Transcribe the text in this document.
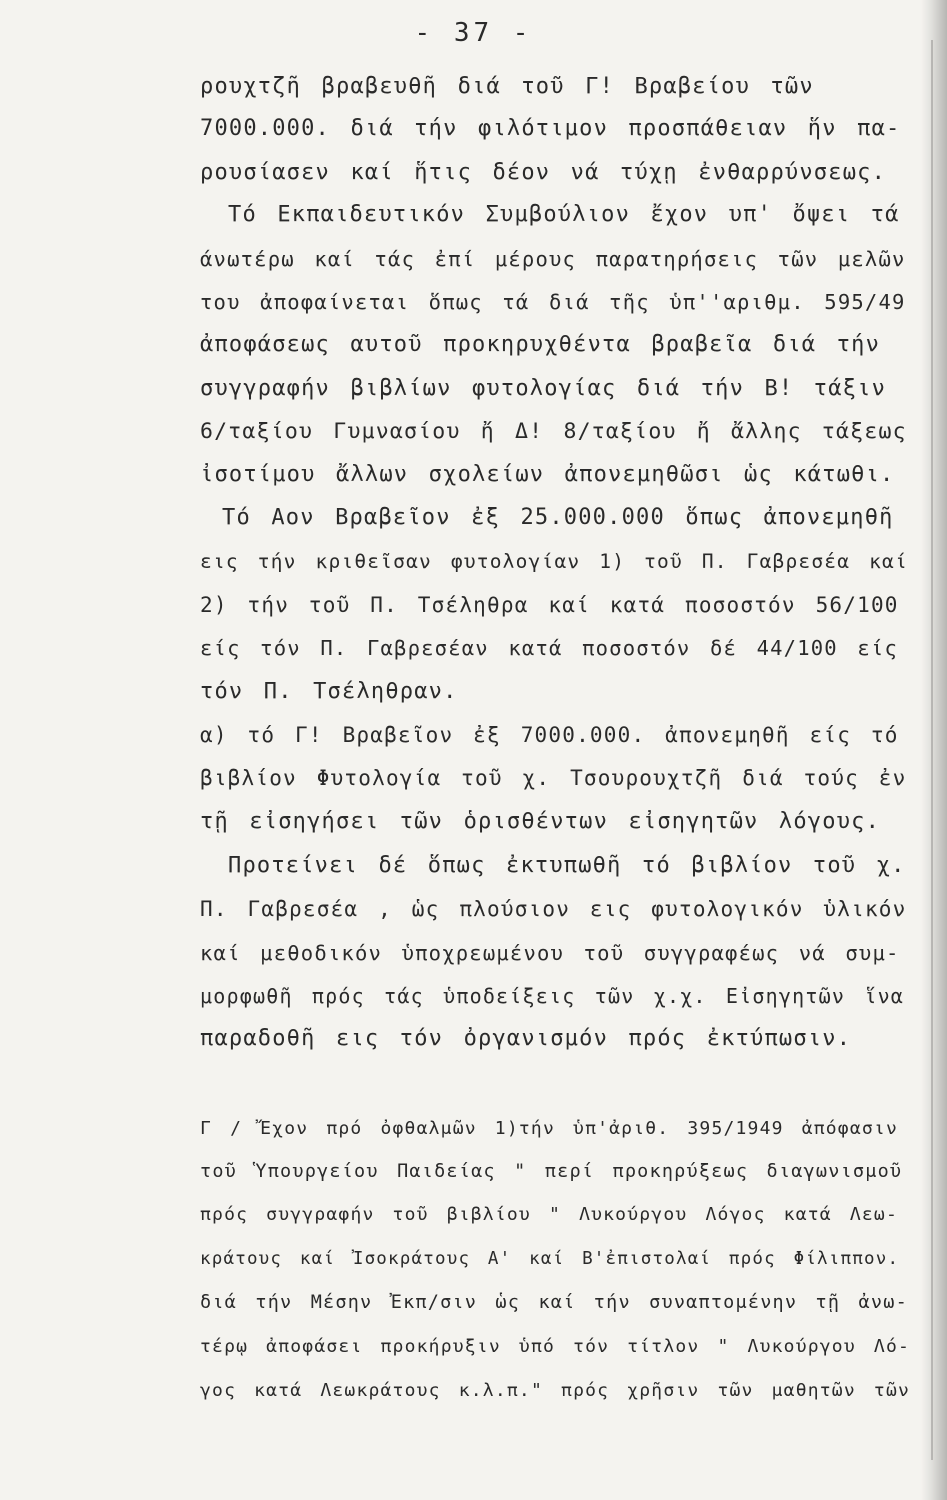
- 37 -
ρουχτζῆ βραβευθῆ διά τοῦ Γ! Βραβείου τῶν
7000.000. διά τήν φιλότιμον προσπάθειαν ἥν πα-
ρουσίασεν καί ἥτις δέον νά τύχῃ ἐνθαρρύνσεως.
Τό Εκπαιδευτικόν Συμβούλιον ἔχον υπ' ὄψει τά
άνωτέρω καί τάς ἐπί μέρους παρατηρήσεις τῶν μελῶν
του ἀποφαίνεται ὅπως τά διά τῆς ὑπ''αριθμ. 595/49
ἀποφάσεως αυτοῦ προκηρυχθέντα βραβεῖα διά τήν
συγγραφήν βιβλίων φυτολογίας διά τήν Β! τάξιν
6/ταξίου Γυμνασίου ἤ Δ! 8/ταξίου ἤ ἄλλης τάξεως
ἰσοτίμου ἄλλων σχολείων ἀπονεμηθῶσι ὡς κάτωθι.
Τό Αον Βραβεῖον ἐξ 25.000.000 ὅπως ἀπονεμηθῆ
εις τήν κριθεῖσαν φυτολογίαν 1) τοῦ Π. Γαβρεσέα καί
2) τήν τοῦ Π. Τσέληθρα καί κατά ποσοστόν 56/100
είς τόν Π. Γαβρεσέαν κατά ποσοστόν δέ 44/100 είς
τόν Π. Τσέληθραν.
α) τό Γ! Βραβεῖον ἐξ 7000.000. ἀπονεμηθῆ είς τό
βιβλίον Φυτολογία τοῦ χ. Τσουρουχτζῆ διά τούς ἐν
τῇ εἰσηγήσει τῶν ὁρισθέντων εἰσηγητῶν λόγους.
Προτείνει δέ ὅπως ἐκτυπωθῆ τό βιβλίον τοῦ χ.
Π. Γαβρεσέα , ὡς πλούσιον εις φυτολογικόν ὑλικόν
καί μεθοδικόν ὑποχρεωμένου τοῦ συγγραφέως νά συμ-
μορφωθῆ πρός τάς ὑποδείξεις τῶν χ.χ. Εἰσηγητῶν ἵνα
παραδοθῆ εις τόν ὀργανισμόν πρός ἐκτύπωσιν.
Γ / Ἔχον πρό ὀφθαλμῶν 1)τήν ὑπ'ἀριθ. 395/1949 ἀπόφασιν
τοῦ Ὑπουργείου Παιδείας " περί προκηρύξεως διαγωνισμοῦ
πρός συγγραφήν τοῦ βιβλίου " Λυκούργου Λόγος κατά Λεω-
κράτους καί Ἰσοκράτους Α' καί Β'ἐπιστολαί πρός Φίλιππον.
διά τήν Μέσην Ἐκπ/σιν ὡς καί τήν συναπτομένην τῇ ἀνω-
τέρῳ ἀποφάσει προκήρυξιν ὑπό τόν τίτλον " Λυκούργου Λό-
γος κατά Λεωκράτους κ.λ.π." πρός χρῆσιν τῶν μαθητῶν τῶν
